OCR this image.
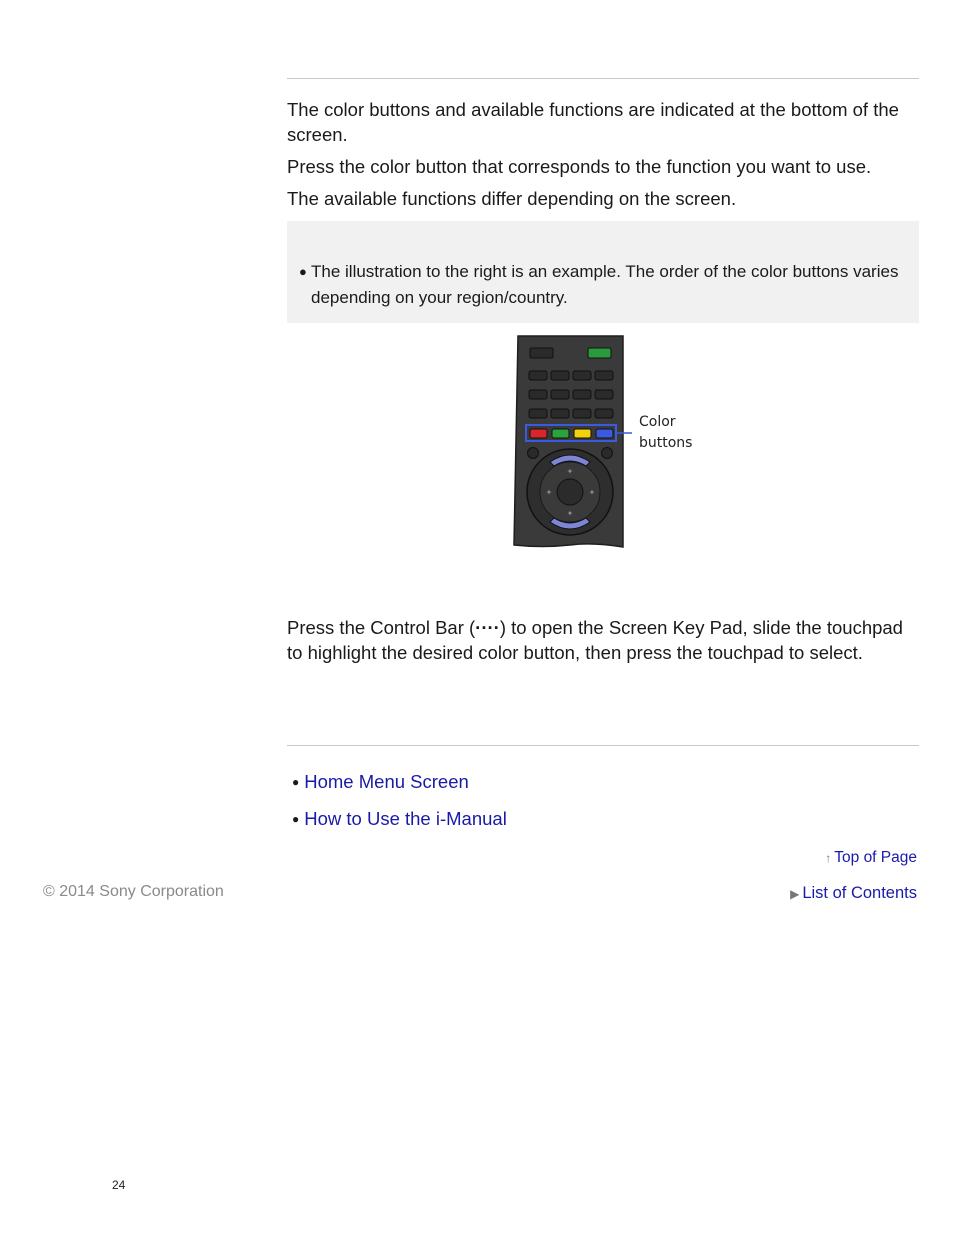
The color buttons and available functions are indicated at the bottom of the screen.

Press the color button that corresponds to the function you want to use.

The available functions differ depending on the screen.

● The illustration to the right is an example. The order of the color buttons varies depending on your region/country.
✦
✦
✦	✦
Color
buttons

Press the Control Bar (····) to open the Screen Key Pad, slide the touchpad to highlight the desired color button, then press the touchpad to select.

● Home Menu Screen
● How to Use the i-Manual
↑ Top of Page
▶ List of Contents
© 2014 Sony Corporation
24
